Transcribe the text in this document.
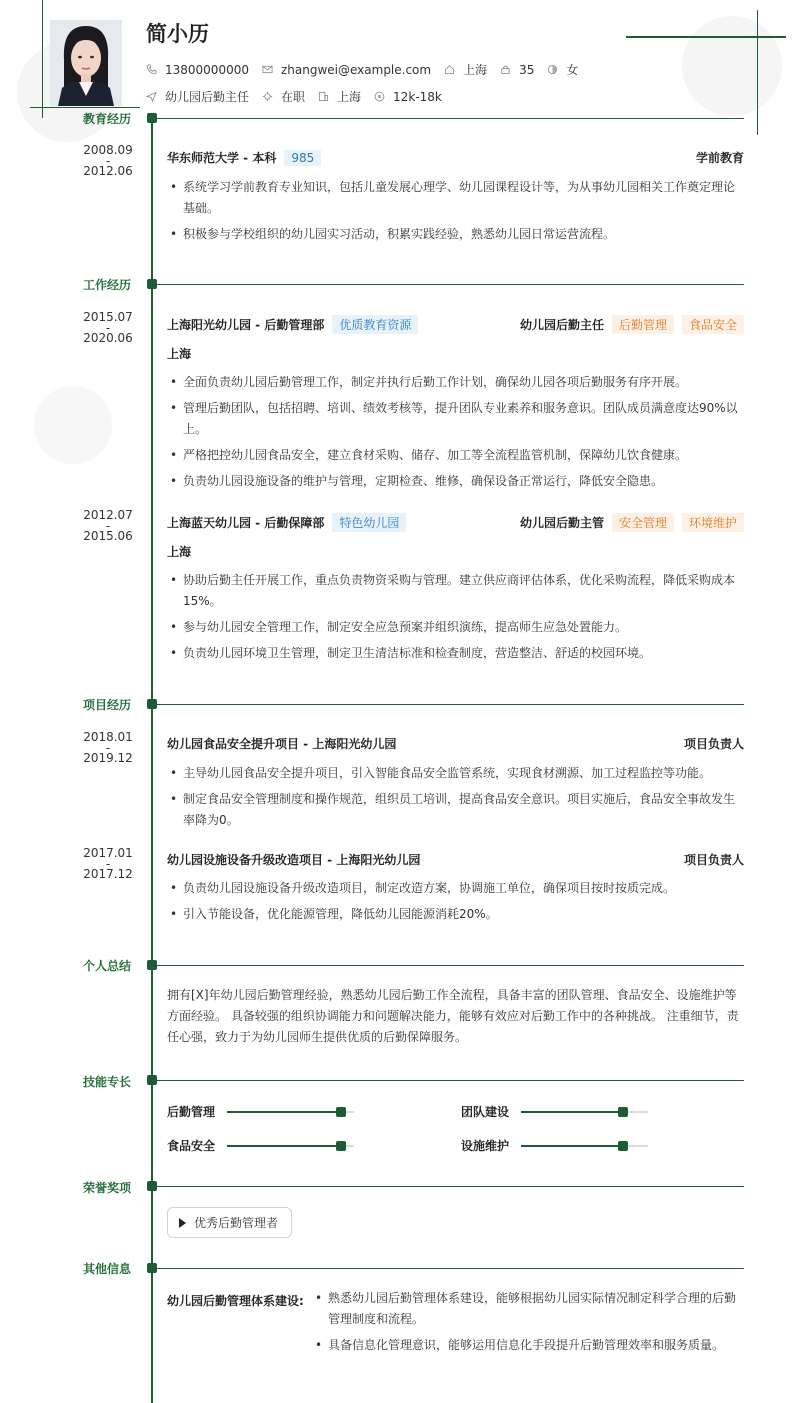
简小历
13800000000	zhangwei@example.com	上海	35	女
幼儿园后勤主任	在职	上海	12k-18k
教育经历
2008.09
-
2012.06
华东师范大学 - 本科	985	学前教育
• 系统学习学前教育专业知识，包括儿童发展心理学、幼儿园课程设计等，为从事幼儿园相关工作奠定理论基础。
• 积极参与学校组织的幼儿园实习活动，积累实践经验，熟悉幼儿园日常运营流程。
工作经历
2015.07
-
2020.06
上海阳光幼儿园 - 后勤管理部	优质教育资源	幼儿园后勤主任	后勤管理	食品安全
上海
• 全面负责幼儿园后勤管理工作，制定并执行后勤工作计划，确保幼儿园各项后勤服务有序开展。
• 管理后勤团队，包括招聘、培训、绩效考核等，提升团队专业素养和服务意识。团队成员满意度达90%以上。
• 严格把控幼儿园食品安全，建立食材采购、储存、加工等全流程监管机制，保障幼儿饮食健康。
• 负责幼儿园设施设备的维护与管理，定期检查、维修，确保设备正常运行，降低安全隐患。
2012.07
-
2015.06
上海蓝天幼儿园 - 后勤保障部	特色幼儿园	幼儿园后勤主管	安全管理	环境维护
上海
• 协助后勤主任开展工作，重点负责物资采购与管理。建立供应商评估体系，优化采购流程，降低采购成本15%。
• 参与幼儿园安全管理工作，制定安全应急预案并组织演练，提高师生应急处置能力。
• 负责幼儿园环境卫生管理，制定卫生清洁标准和检查制度，营造整洁、舒适的校园环境。
项目经历
2018.01
-
2019.12
幼儿园食品安全提升项目 - 上海阳光幼儿园	项目负责人
• 主导幼儿园食品安全提升项目，引入智能食品安全监管系统，实现食材溯源、加工过程监控等功能。
• 制定食品安全管理制度和操作规范，组织员工培训，提高食品安全意识。项目实施后，食品安全事故发生率降为0。
2017.01
-
2017.12
幼儿园设施设备升级改造项目 - 上海阳光幼儿园	项目负责人
• 负责幼儿园设施设备升级改造项目，制定改造方案，协调施工单位，确保项目按时按质完成。
• 引入节能设备，优化能源管理，降低幼儿园能源消耗20%。
个人总结
拥有[X]年幼儿园后勤管理经验，熟悉幼儿园后勤工作全流程，具备丰富的团队管理、食品安全、设施维护等方面经验。 具备较强的组织协调能力和问题解决能力，能够有效应对后勤工作中的各种挑战。 注重细节，责任心强，致力于为幼儿园师生提供优质的后勤保障服务。
技能专长
后勤管理	团队建设
食品安全	设施维护
荣誉奖项
优秀后勤管理者
其他信息
幼儿园后勤管理体系建设:
•	熟悉幼儿园后勤管理体系建设，能够根据幼儿园实际情况制定科学合理的后勤管理制度和流程。
• 具备信息化管理意识，能够运用信息化手段提升后勤管理效率和服务质量。
